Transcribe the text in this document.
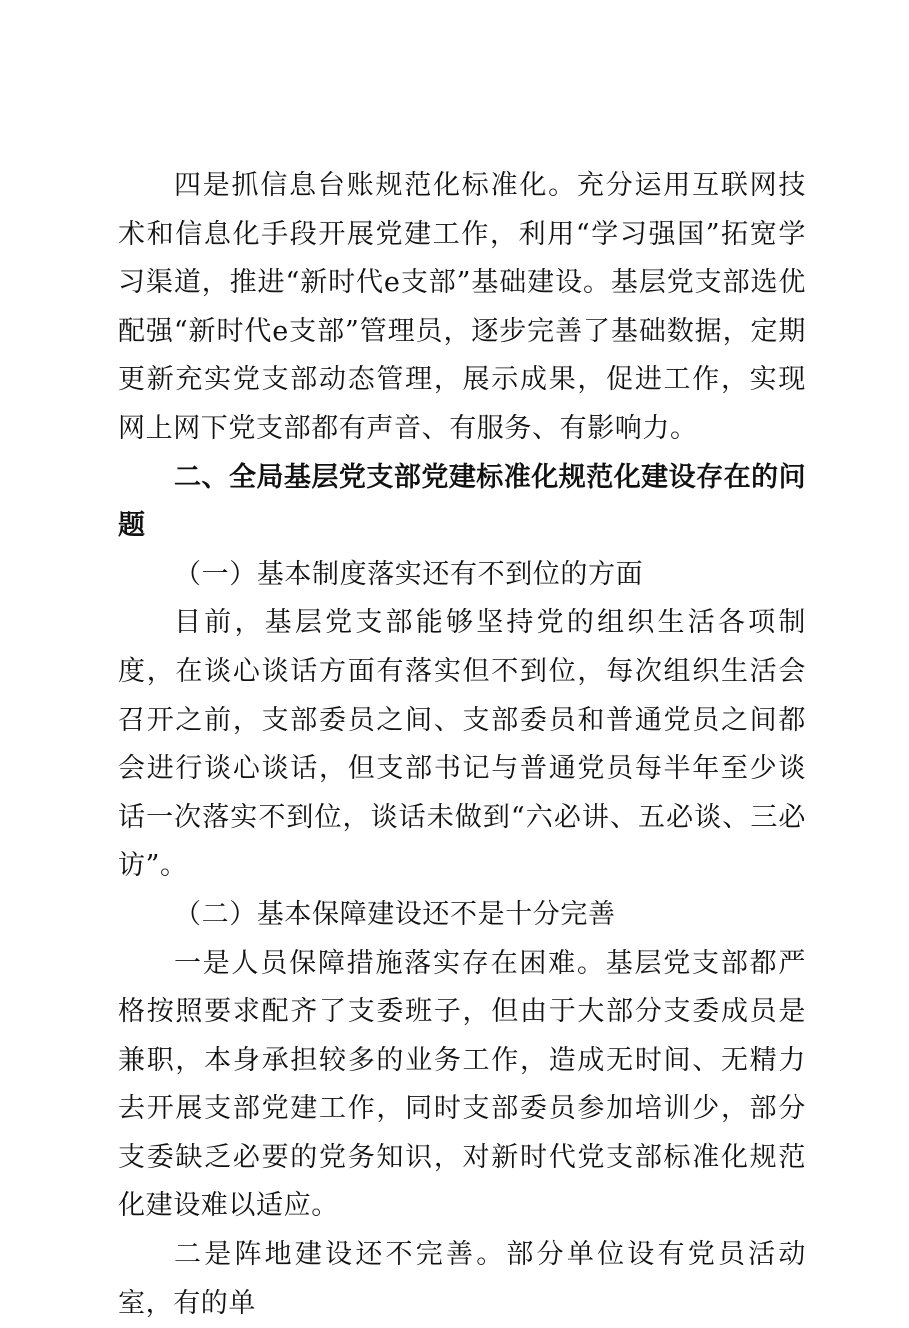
四是抓信息台账规范化标准化。充分运用互联网技术和信息化手段开展党建工作，利用“学习强国”拓宽学习渠道，推进“新时代e支部”基础建设。基层党支部选优配强“新时代e支部”管理员，逐步完善了基础数据，定期更新充实党支部动态管理，展示成果，促进工作，实现网上网下党支部都有声音、有服务、有影响力。

二、全局基层党支部党建标准化规范化建设存在的问题

（一）基本制度落实还有不到位的方面

目前，基层党支部能够坚持党的组织生活各项制度，在谈心谈话方面有落实但不到位，每次组织生活会召开之前，支部委员之间、支部委员和普通党员之间都会进行谈心谈话，但支部书记与普通党员每半年至少谈话一次落实不到位，谈话未做到“六必讲、五必谈、三必访”。

（二）基本保障建设还不是十分完善

一是人员保障措施落实存在困难。基层党支部都严格按照要求配齐了支委班子，但由于大部分支委成员是兼职，本身承担较多的业务工作，造成无时间、无精力去开展支部党建工作，同时支部委员参加培训少，部分支委缺乏必要的党务知识，对新时代党支部标准化规范化建设难以适应。

二是阵地建设还不完善。部分单位设有党员活动室，有的单
